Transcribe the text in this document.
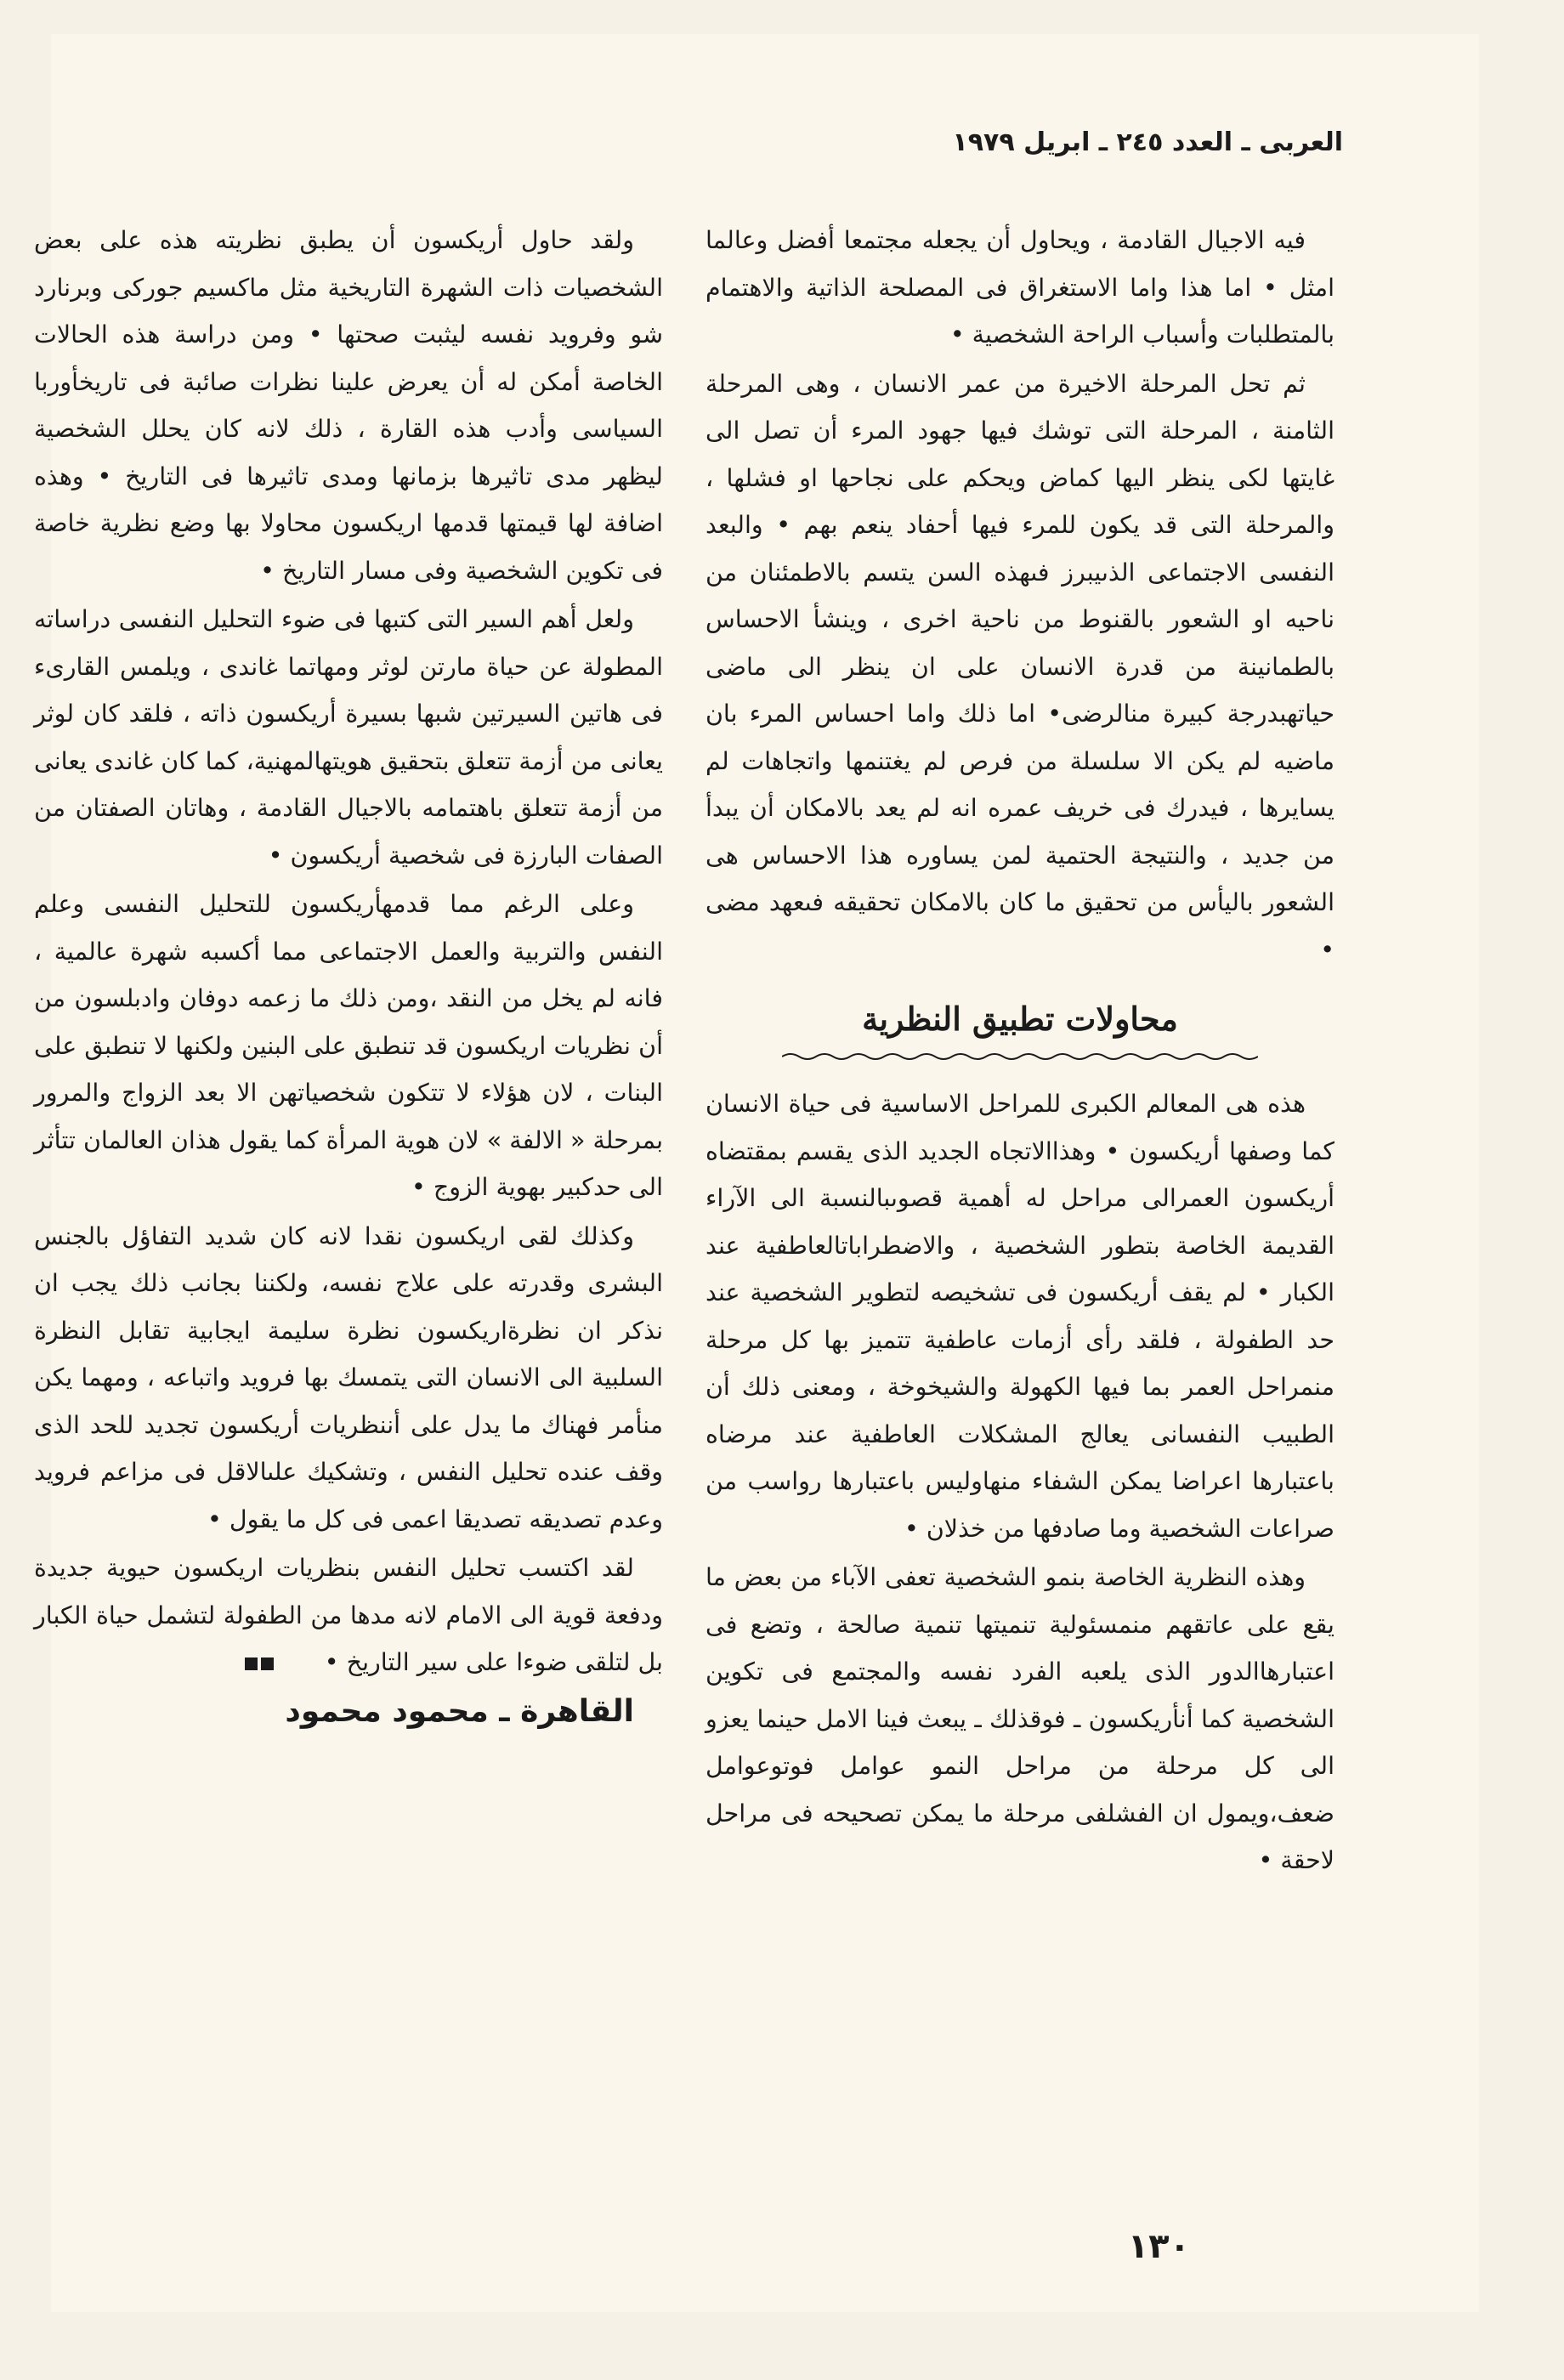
العربى ـ العدد ٢٤٥ ـ ابريل ١٩٧٩

فيه الاجيال القادمة ، ويحاول أن يجعله مجتمعا أفضل وعالما امثل • اما هذا واما الاستغراق فى المصلحة الذاتية والاهتمام بالمتطلبات وأسباب الراحة الشخصية •

ثم تحل المرحلة الاخيرة من عمر الانسان ، وهى المرحلة الثامنة ، المرحلة التى توشك فيها جهود المرء أن تصل الى غايتها لكى ينظر اليها كماض ويحكم على نجاحها او فشلها ، والمرحلة التى قد يكون للمرء فيها أحفاد ينعم بهم • والبعد النفسى الاجتماعى الذىيبرز فىهذه السن يتسم بالاطمئنان من ناحيه او الشعور بالقنوط من ناحية اخرى ، وينشأ الاحساس بالطمانينة من قدرة الانسان على ان ينظر الى ماضى حياتهبدرجة كبيرة منالرضى• اما ذلك واما احساس المرء بان ماضيه لم يكن الا سلسلة من فرص لم يغتنمها واتجاهات لم يسايرها ، فيدرك فى خريف عمره انه لم يعد بالامكان أن يبدأ من جديد ، والنتيجة الحتمية لمن يساوره هذا الاحساس هى الشعور باليأس من تحقيق ما كان بالامكان تحقيقه فىعهد مضى •

محاولات تطبيق النظرية

هذه هى المعالم الكبرى للمراحل الاساسية فى حياة الانسان كما وصفها أريكسون • وهذاالاتجاه الجديد الذى يقسم بمقتضاه أريكسون العمرالى مراحل له أهمية قصوىبالنسبة الى الآراء القديمة الخاصة بتطور الشخصية ، والاضطراباتالعاطفية عند الكبار • لم يقف أريكسون فى تشخيصه لتطوير الشخصية عند حد الطفولة ، فلقد رأى أزمات عاطفية تتميز بها كل مرحلة منمراحل العمر بما فيها الكهولة والشيخوخة ، ومعنى ذلك أن الطبيب النفسانى يعالج المشكلات العاطفية عند مرضاه باعتبارها اعراضا يمكن الشفاء منهاوليس باعتبارها رواسب من صراعات الشخصية وما صادفها من خذلان •

وهذه النظرية الخاصة بنمو الشخصية تعفى الآباء من بعض ما يقع على عاتقهم منمسئولية تنميتها تنمية صالحة ، وتضع فى اعتبارهاالدور الذى يلعبه الفرد نفسه والمجتمع فى تكوين الشخصية كما أنأريكسون ـ فوقذلك ـ يبعث فينا الامل حينما يعزو الى كل مرحلة من مراحل النمو عوامل فوتوعوامل ضعف،ويمول ان الفشلفى مرحلة ما يمكن تصحيحه فى مراحل لاحقة •

ولقد حاول أريكسون أن يطبق نظريته هذه على بعض الشخصيات ذات الشهرة التاريخية مثل ماكسيم جوركى وبرنارد شو وفرويد نفسه ليثبت صحتها • ومن دراسة هذه الحالات الخاصة أمكن له أن يعرض علينا نظرات صائبة فى تاريخأوربا السياسى وأدب هذه القارة ، ذلك لانه كان يحلل الشخصية ليظهر مدى تاثيرها بزمانها ومدى تاثيرها فى التاريخ • وهذه اضافة لها قيمتها قدمها اريكسون محاولا بها وضع نظرية خاصة فى تكوين الشخصية وفى مسار التاريخ •

ولعل أهم السير التى كتبها فى ضوء التحليل النفسى دراساته المطولة عن حياة مارتن لوثر ومهاتما غاندى ، ويلمس القارىء فى هاتين السيرتين شبها بسيرة أريكسون ذاته ، فلقد كان لوثر يعانى من أزمة تتعلق بتحقيق هويتهالمهنية، كما كان غاندى يعانى من أزمة تتعلق باهتمامه بالاجيال القادمة ، وهاتان الصفتان من الصفات البارزة فى شخصية أريكسون •

وعلى الرغم مما قدمهأريكسون للتحليل النفسى وعلم النفس والتربية والعمل الاجتماعى مما أكسبه شهرة عالمية ، فانه لم يخل من النقد ،ومن ذلك ما زعمه دوفان وادبلسون من أن نظريات اريكسون قد تنطبق على البنين ولكنها لا تنطبق على البنات ، لان هؤلاء لا تتكون شخصياتهن الا بعد الزواج والمرور بمرحلة « الالفة » لان هوية المرأة كما يقول هذان العالمان تتأثر الى حدكبير بهوية الزوج •

وكذلك لقى اريكسون نقدا لانه كان شديد التفاؤل بالجنس البشرى وقدرته على علاج نفسه، ولكننا بجانب ذلك يجب ان نذكر ان نظرةاريكسون نظرة سليمة ايجابية تقابل النظرة السلبية الى الانسان التى يتمسك بها فرويد واتباعه ، ومهما يكن منأمر فهناك ما يدل على أننظريات أريكسون تجديد للحد الذى وقف عنده تحليل النفس ، وتشكيك علىالاقل فى مزاعم فرويد وعدم تصديقه تصديقا اعمى فى كل ما يقول •

لقد اكتسب تحليل النفس بنظريات اريكسون حيوية جديدة ودفعة قوية الى الامام لانه مدها من الطفولة لتشمل حياة الكبار بل لتلقى ضوءا على سير التاريخ •

القاهرة ـ محمود محمود

١٣٠
